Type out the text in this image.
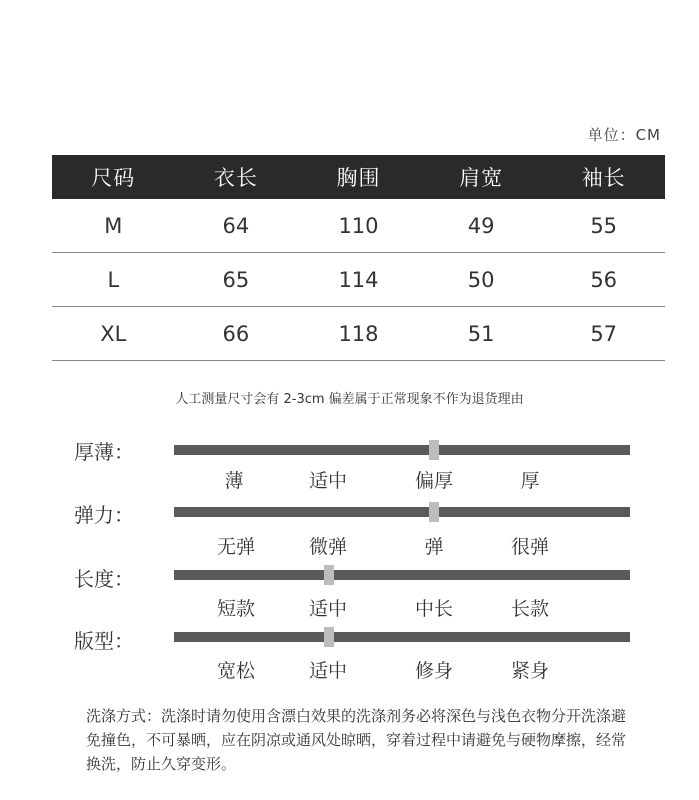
单位：CM
尺码	衣长	胸围	肩宽	袖长
M	64	110	49	55
L	65	114	50	56
XL	66	118	51	57
人工测量尺寸会有 2-3cm 偏差属于正常现象不作为退货理由
厚薄：
薄	适中	偏厚	厚
弹力：
无弹	微弹	弹	很弹
长度：
短款	适中	中长	长款
版型：
宽松	适中	修身	紧身
洗涤方式：洗涤时请勿使用含漂白效果的洗涤剂务必将深色与浅色衣物分开洗涤避免撞色，不可暴晒，应在阴凉或通风处晾晒，穿着过程中请避免与硬物摩擦，经常换洗，防止久穿变形。
